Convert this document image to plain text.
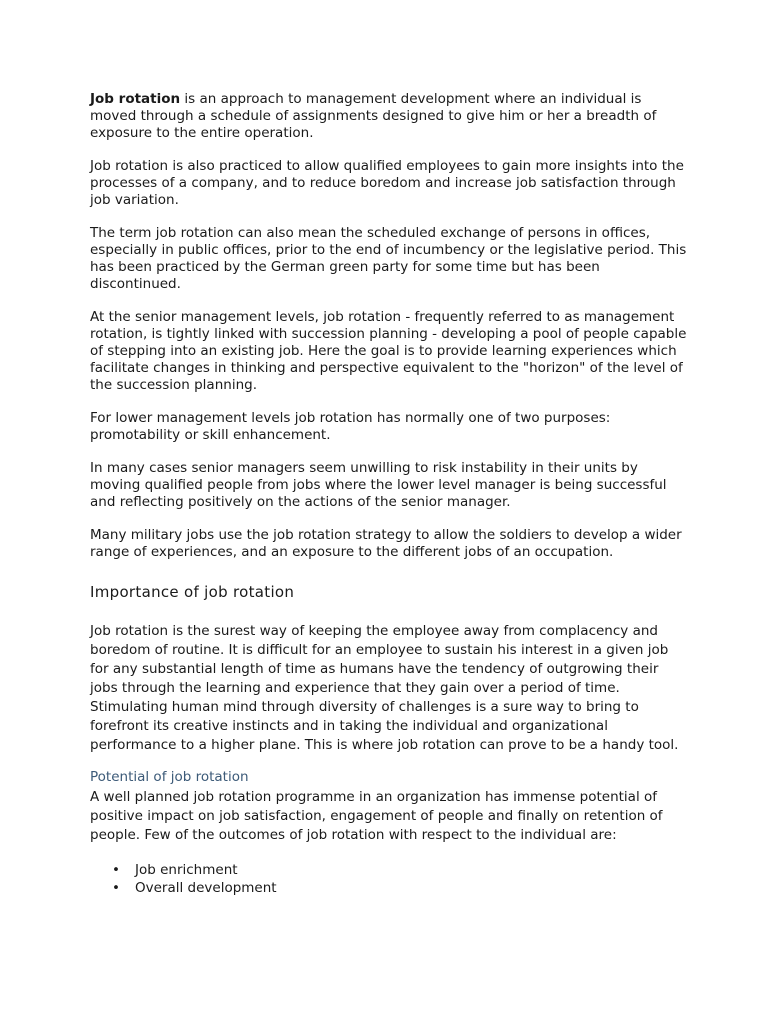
Job rotation is an approach to management development where an individual is moved through a schedule of assignments designed to give him or her a breadth of exposure to the entire operation.

Job rotation is also practiced to allow qualified employees to gain more insights into the processes of a company, and to reduce boredom and increase job satisfaction through job variation.

The term job rotation can also mean the scheduled exchange of persons in offices, especially in public offices, prior to the end of incumbency or the legislative period. This has been practiced by the German green party for some time but has been discontinued.

At the senior management levels, job rotation - frequently referred to as management rotation, is tightly linked with succession planning - developing a pool of people capable of stepping into an existing job. Here the goal is to provide learning experiences which facilitate changes in thinking and perspective equivalent to the "horizon" of the level of the succession planning.

For lower management levels job rotation has normally one of two purposes: promotability or skill enhancement.

In many cases senior managers seem unwilling to risk instability in their units by moving qualified people from jobs where the lower level manager is being successful and reflecting positively on the actions of the senior manager.

Many military jobs use the job rotation strategy to allow the soldiers to develop a wider range of experiences, and an exposure to the different jobs of an occupation.

Importance of job rotation

Job rotation is the surest way of keeping the employee away from complacency and boredom of routine. It is difficult for an employee to sustain his interest in a given job for any substantial length of time as humans have the tendency of outgrowing their jobs through the learning and experience that they gain over a period of time. Stimulating human mind through diversity of challenges is a sure way to bring to forefront its creative instincts and in taking the individual and organizational performance to a higher plane. This is where job rotation can prove to be a handy tool.

Potential of job rotation

A well planned job rotation programme in an organization has immense potential of positive impact on job satisfaction, engagement of people and finally on retention of people. Few of the outcomes of job rotation with respect to the individual are:

• Job enrichment
• Overall development
